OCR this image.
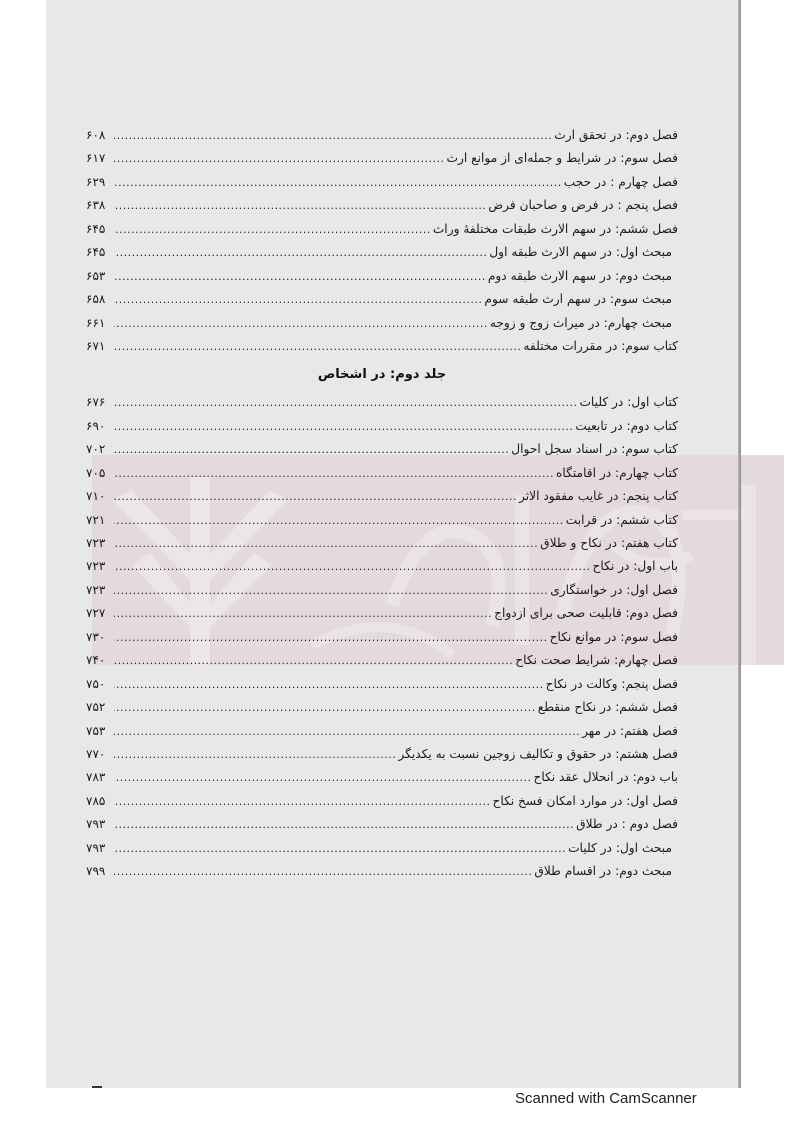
فصل دوم: در تحقق ارث
.....
۶۰۸
فصل سوم: در شرایط و جمله‌ای از موانع ارث
.....
۶۱۷
فصل چهارم : در حجب
.....
۶۲۹
فصل پنجم : در فرض و صاحبان فرض
.....
۶۳۸
فصل ششم: در سهم الارث طبقات مختلفهٔ وراث
.....
۶۴۵
مبحث اول: در سهم الارث طبقه اول
.....
۶۴۵
مبحث دوم: در سهم الارث طبقه دوم
.....
۶۵۳
مبحث سوم: در سهم ارث طبقه سوم
.....
۶۵۸
مبحث چهارم: در میراث زوج و زوجه
.....
۶۶۱
کتاب سوم: در مقررات مختلفه
.....
۶۷۱
جلد دوم: در اشخاص
کتاب اول: در کلیات
.....
۶۷۶
کتاب دوم: در تابعیت
.....
۶۹۰
کتاب سوم: در اسناد سجل احوال
.....
۷۰۲
کتاب چهارم: در اقامتگاه
.....
۷۰۵
کتاب پنجم: در غایب مفقود الاثر
.....
۷۱۰
کتاب ششم: در قرابت
.....
۷۲۱
کتاب هفتم: در نکاح و طلاق
.....
۷۲۳
باب اول: در نکاح
.....
۷۲۳
فصل اول: در خواستگاری
.....
۷۲۳
فصل دوم: قابلیت صحی برای ازدواج
.....
۷۲۷
فصل سوم: در موانع نکاح
.....
۷۳۰
فصل چهارم: شرایط صحت نکاح
.....
۷۴۰
فصل پنجم: وکالت در نکاح
.....
۷۵۰
فصل ششم: در نکاح منقطع
.....
۷۵۲
فصل هفتم: در مهر
.....
۷۵۳
فصل هشتم: در حقوق و تکالیف زوجین نسبت به یکدیگر
.....
۷۷۰
باب دوم: در انحلال عقد نکاح
.....
۷۸۳
فصل اول: در موارد امکان فسخ نکاح
.....
۷۸۵
فصل دوم : در طلاق
.....
۷۹۳
مبحث اول: در کلیات
.....
۷۹۳
مبحث دوم: در اقسام طلاق
.....
۷۹۹
Scanned with CamScanner
